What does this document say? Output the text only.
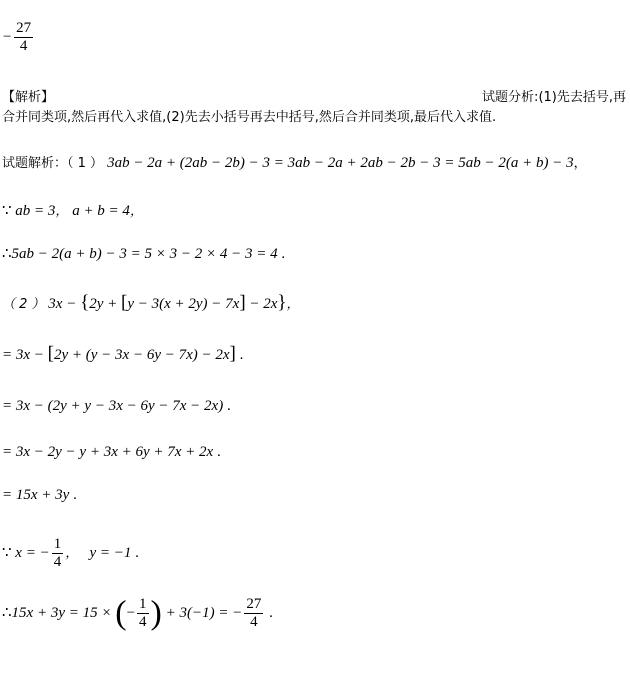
− $\frac{27}{4}$
【解析】	试题分析:(1)先去括号,再
合并同类项,然后再代入求值,(2)先去小括号再去中括号,然后合并同类项,最后代入求值.
试题解析：（ 1 ） 3ab − 2a + (2ab − 2b) − 3 = 3ab − 2a + 2ab − 2b − 3 = 5ab − 2(a + b) − 3，
∵ ab = 3， a + b = 4，
∴5ab − 2(a + b) − 3 = 5 × 3 − 2 × 4 − 3 = 4 .
（ 2 ） 3x − {2y + [y − 3(x + 2y) − 7x] − 2x}，
= 3x − [2y + (y − 3x − 6y − 7x) − 2x] .
= 3x − (2y + y − 3x − 6y − 7x − 2x) .
= 3x − 2y − y + 3x + 6y + 7x + 2x .
= 15x + 3y .
∵ x = − $\frac{1}{4}$ ， y = −1 .
∴15x + 3y = 15 × (− $\frac{1}{4}$ ) + 3(−1) = − $\frac{27}{4}$ .
